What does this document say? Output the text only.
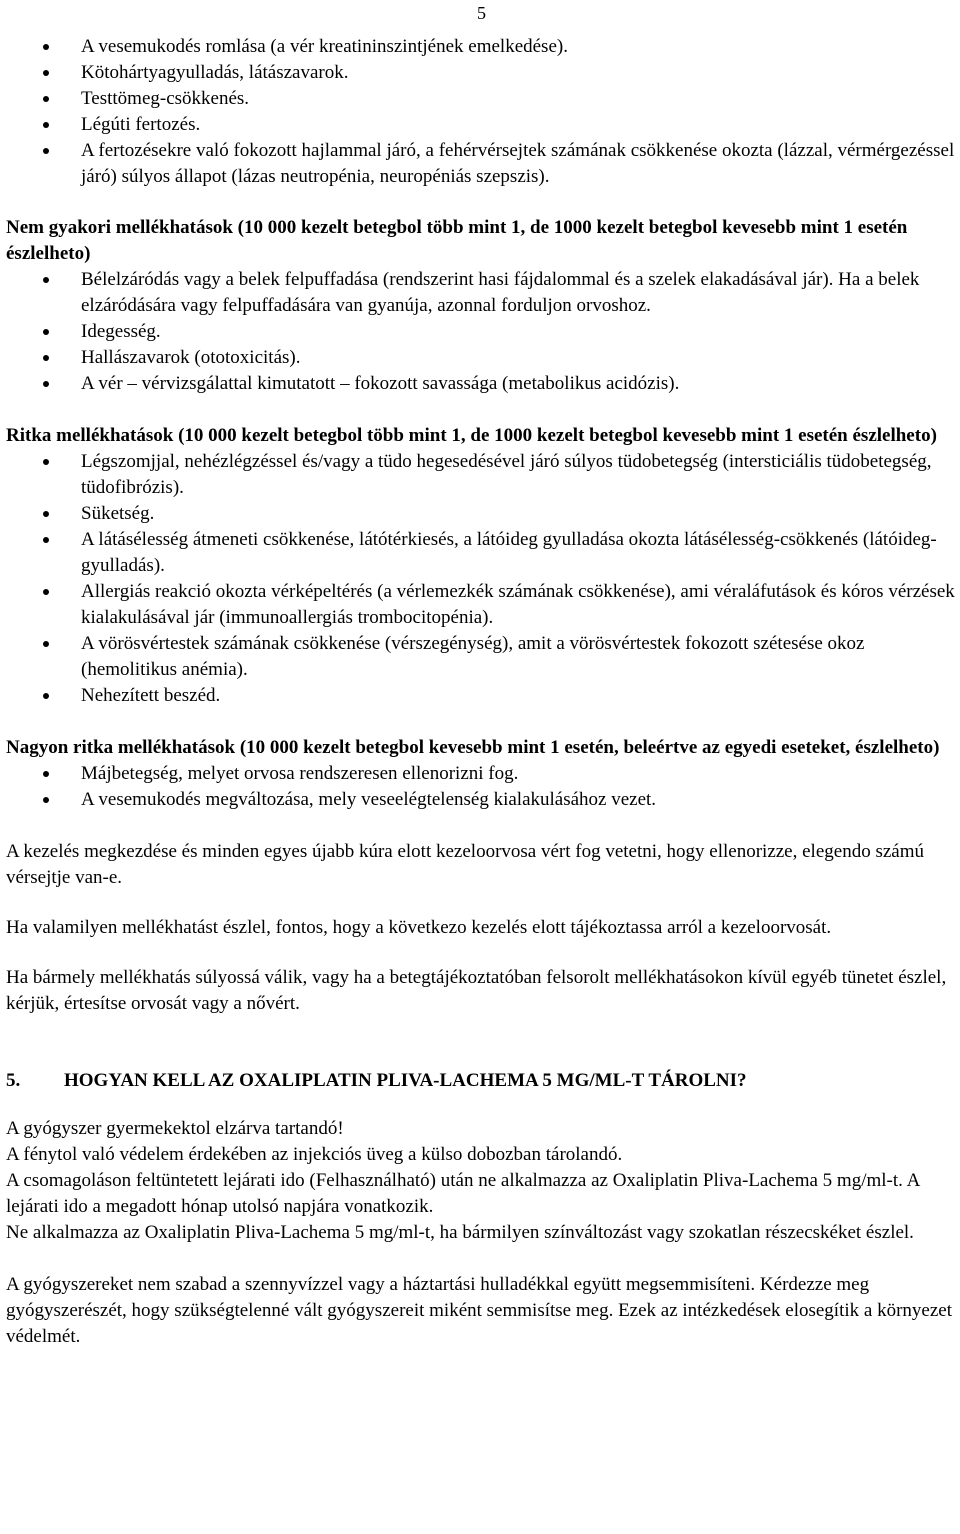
5
A vesemukodés romlása (a vér kreatininszintjének emelkedése).
Kötohártyagyulladás, látászavarok.
Testtömeg-csökkenés.
Légúti fertozés.
A fertozésekre való fokozott hajlammal járó, a fehérvérsejtek számának csökkenése okozta (lázzal, vérmérgezéssel járó) súlyos állapot (lázas neutropénia, neuropéniás szepszis).

Nem gyakori mellékhatások (10 000 kezelt betegbol több mint 1, de 1000 kezelt betegbol kevesebb mint 1 esetén észlelheto)

Bélelzáródás vagy a belek felpuffadása (rendszerint hasi fájdalommal és a szelek elakadásával jár). Ha a belek elzáródására vagy felpuffadására van gyanúja, azonnal forduljon orvoshoz.
Idegesség.
Hallászavarok (ototoxicitás).
A vér – vérvizsgálattal kimutatott – fokozott savassága (metabolikus acidózis).

Ritka mellékhatások (10 000 kezelt betegbol több mint 1, de 1000 kezelt betegbol kevesebb mint 1 esetén észlelheto)

Légszomjjal, nehézlégzéssel és/vagy a tüdo hegesedésével járó súlyos tüdobetegség (intersticiális tüdobetegség, tüdofibrózis).
Süketség.
A látásélesség átmeneti csökkenése, látótérkiesés, a látóideg gyulladása okozta látásélesség-csökkenés (látóideg-gyulladás).
Allergiás reakció okozta vérképeltérés (a vérlemezkék számának csökkenése), ami véraláfutások és kóros vérzések kialakulásával jár (immunoallergiás trombocitopénia).
A vörösvértestek számának csökkenése (vérszegénység), amit a vörösvértestek fokozott szétesése okoz (hemolitikus anémia).
Nehezített beszéd.

Nagyon ritka mellékhatások (10 000 kezelt betegbol kevesebb mint 1 esetén, beleértve az egyedi eseteket, észlelheto)

Májbetegség, melyet orvosa rendszeresen ellenorizni fog.
A vesemukodés megváltozása, mely veseelégtelenség kialakulásához vezet.

A kezelés megkezdése és minden egyes újabb kúra elott kezeloorvosa vért fog vetetni, hogy ellenorizze, elegendo számú vérsejtje van-e.

Ha valamilyen mellékhatást észlel, fontos, hogy a következo kezelés elott tájékoztassa arról a kezeloorvosát.

Ha bármely mellékhatás súlyossá válik, vagy ha a betegtájékoztatóban felsorolt mellékhatásokon kívül egyéb tünetet észlel, kérjük, értesítse orvosát vagy a nővért.

5.	HOGYAN KELL AZ OXALIPLATIN PLIVA-LACHEMA 5 MG/ML-T TÁROLNI?

A gyógyszer gyermekektol elzárva tartandó!

A fénytol való védelem érdekében az injekciós üveg a külso dobozban tárolandó.

A csomagoláson feltüntetett lejárati ido (Felhasználható) után ne alkalmazza az Oxaliplatin Pliva-Lachema 5 mg/ml-t. A lejárati ido a megadott hónap utolsó napjára vonatkozik.

Ne alkalmazza az Oxaliplatin Pliva-Lachema 5 mg/ml-t, ha bármilyen színváltozást vagy szokatlan részecskéket észlel.

A gyógyszereket nem szabad a szennyvízzel vagy a háztartási hulladékkal együtt megsemmisíteni. Kérdezze meg gyógyszerészét, hogy szükségtelenné vált gyógyszereit miként semmisítse meg. Ezek az intézkedések elosegítik a környezet védelmét.
